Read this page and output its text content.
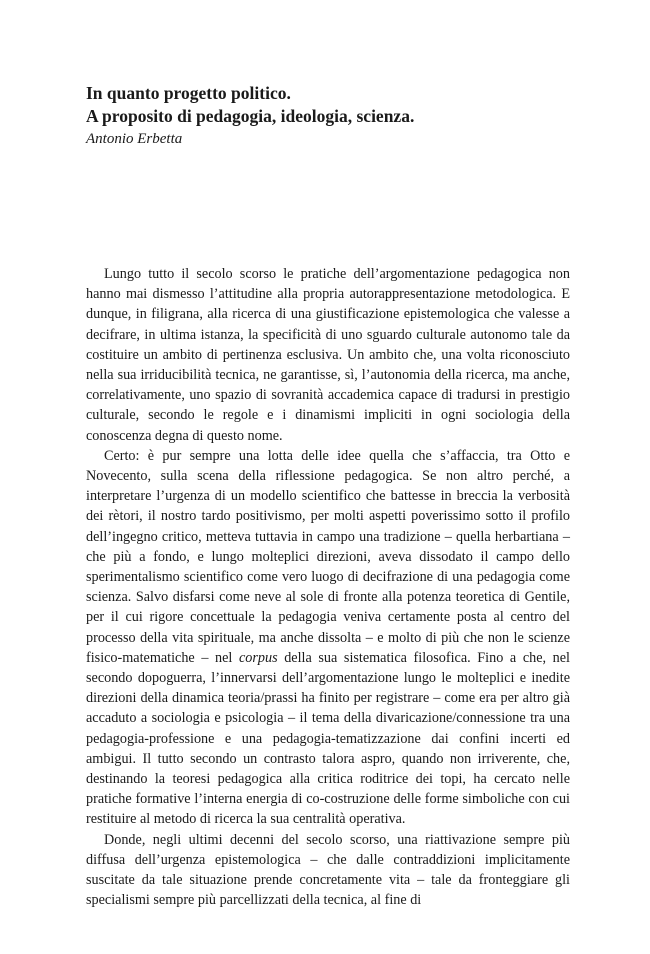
In quanto progetto politico.

A proposito di pedagogia, ideologia, scienza.

Antonio Erbetta

Lungo tutto il secolo scorso le pratiche dell’argomentazione pedagogica non hanno mai dismesso l’attitudine alla propria autorappresentazione metodologica. E dunque, in filigrana, alla ricerca di una giustificazione epistemologica che valesse a decifrare, in ultima istanza, la specificità di uno sguardo culturale autonomo tale da costituire un ambito di pertinenza esclusiva. Un ambito che, una volta riconosciuto nella sua irriducibilità tecnica, ne garantisse, sì, l’autonomia della ricerca, ma anche, correlativamente, uno spazio di sovranità accademica capace di tradursi in prestigio culturale, secondo le regole e i dinamismi impliciti in ogni sociologia della conoscenza degna di questo nome.

Certo: è pur sempre una lotta delle idee quella che s’affaccia, tra Otto e Novecento, sulla scena della riflessione pedagogica. Se non altro perché, a interpretare l’urgenza di un modello scientifico che battesse in breccia la verbosità dei rètori, il nostro tardo positivismo, per molti aspetti poverissimo sotto il profilo dell’ingegno critico, metteva tuttavia in campo una tradizione – quella herbartiana – che più a fondo, e lungo molteplici direzioni, aveva dissodato il campo dello sperimentalismo scientifico come vero luogo di decifrazione di una pedagogia come scienza. Salvo disfarsi come neve al sole di fronte alla potenza teoretica di Gentile, per il cui rigore concettuale la pedagogia veniva certamente posta al centro del processo della vita spirituale, ma anche dissolta – e molto di più che non le scienze fisico-matematiche – nel corpus della sua sistematica filosofica. Fino a che, nel secondo dopoguerra, l’innervarsi dell’argomentazione lungo le molteplici e inedite direzioni della dinamica teoria/prassi ha finito per registrare – come era per altro già accaduto a sociologia e psicologia – il tema della divaricazione/connessione tra una pedagogia-professione e una pedagogia-tematizzazione dai confini incerti ed ambigui. Il tutto secondo un contrasto talora aspro, quando non irriverente, che, destinando la teoresi pedagogica alla critica roditrice dei topi, ha cercato nelle pratiche formative l’interna energia di co-costruzione delle forme simboliche con cui restituire al metodo di ricerca la sua centralità operativa.

Donde, negli ultimi decenni del secolo scorso, una riattivazione sempre più diffusa dell’urgenza epistemologica – che dalle contraddizioni implicitamente suscitate da tale situazione prende concretamente vita – tale da fronteggiare gli specialismi sempre più parcellizzati della tecnica, al fine di
